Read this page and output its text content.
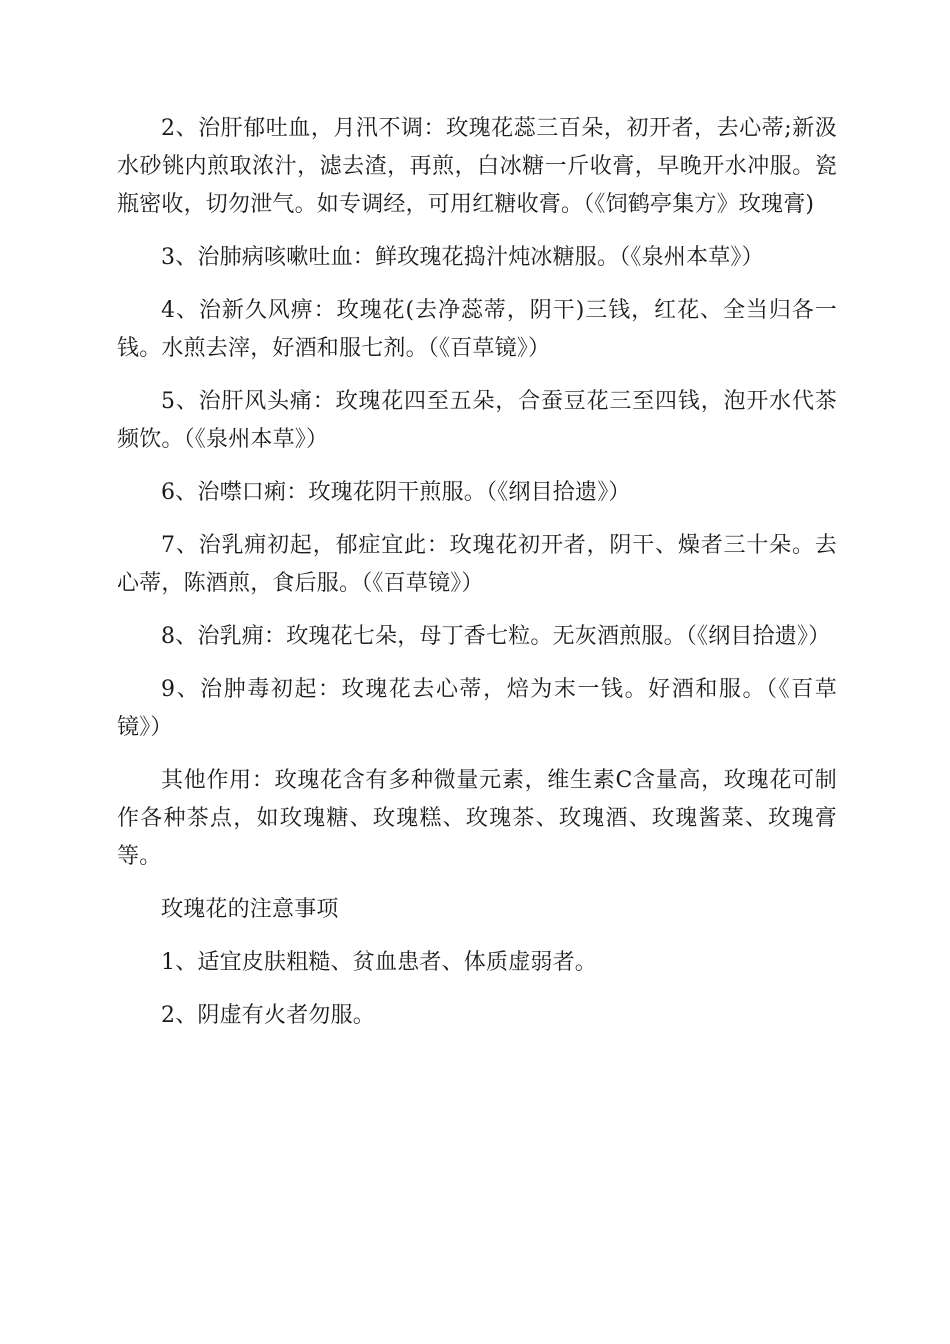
2、治肝郁吐血，月汛不调：玫瑰花蕊三百朵，初开者，去心蒂;新汲水砂铫内煎取浓汁，滤去渣，再煎，白冰糖一斤收膏，早晚开水冲服。瓷瓶密收，切勿泄气。如专调经，可用红糖收膏。（《饲鹤亭集方》玫瑰膏)

3、治肺病咳嗽吐血：鲜玫瑰花捣汁炖冰糖服。（《泉州本草》）

4、治新久风痹：玫瑰花(去净蕊蒂，阴干)三钱，红花、全当归各一钱。水煎去滓，好酒和服七剂。（《百草镜》）

5、治肝风头痛：玫瑰花四至五朵，合蚕豆花三至四钱，泡开水代茶频饮。（《泉州本草》）

6、治噤口痢：玫瑰花阴干煎服。（《纲目拾遗》）

7、治乳痈初起，郁症宜此：玫瑰花初开者，阴干、燥者三十朵。去心蒂，陈酒煎，食后服。（《百草镜》）

8、治乳痈：玫瑰花七朵，母丁香七粒。无灰酒煎服。（《纲目拾遗》）

9、治肿毒初起：玫瑰花去心蒂，焙为末一钱。好酒和服。（《百草镜》）

其他作用：玫瑰花含有多种微量元素，维生素C含量高，玫瑰花可制作各种茶点，如玫瑰糖、玫瑰糕、玫瑰茶、玫瑰酒、玫瑰酱菜、玫瑰膏等。

玫瑰花的注意事项

1、适宜皮肤粗糙、贫血患者、体质虚弱者。

2、阴虚有火者勿服。
